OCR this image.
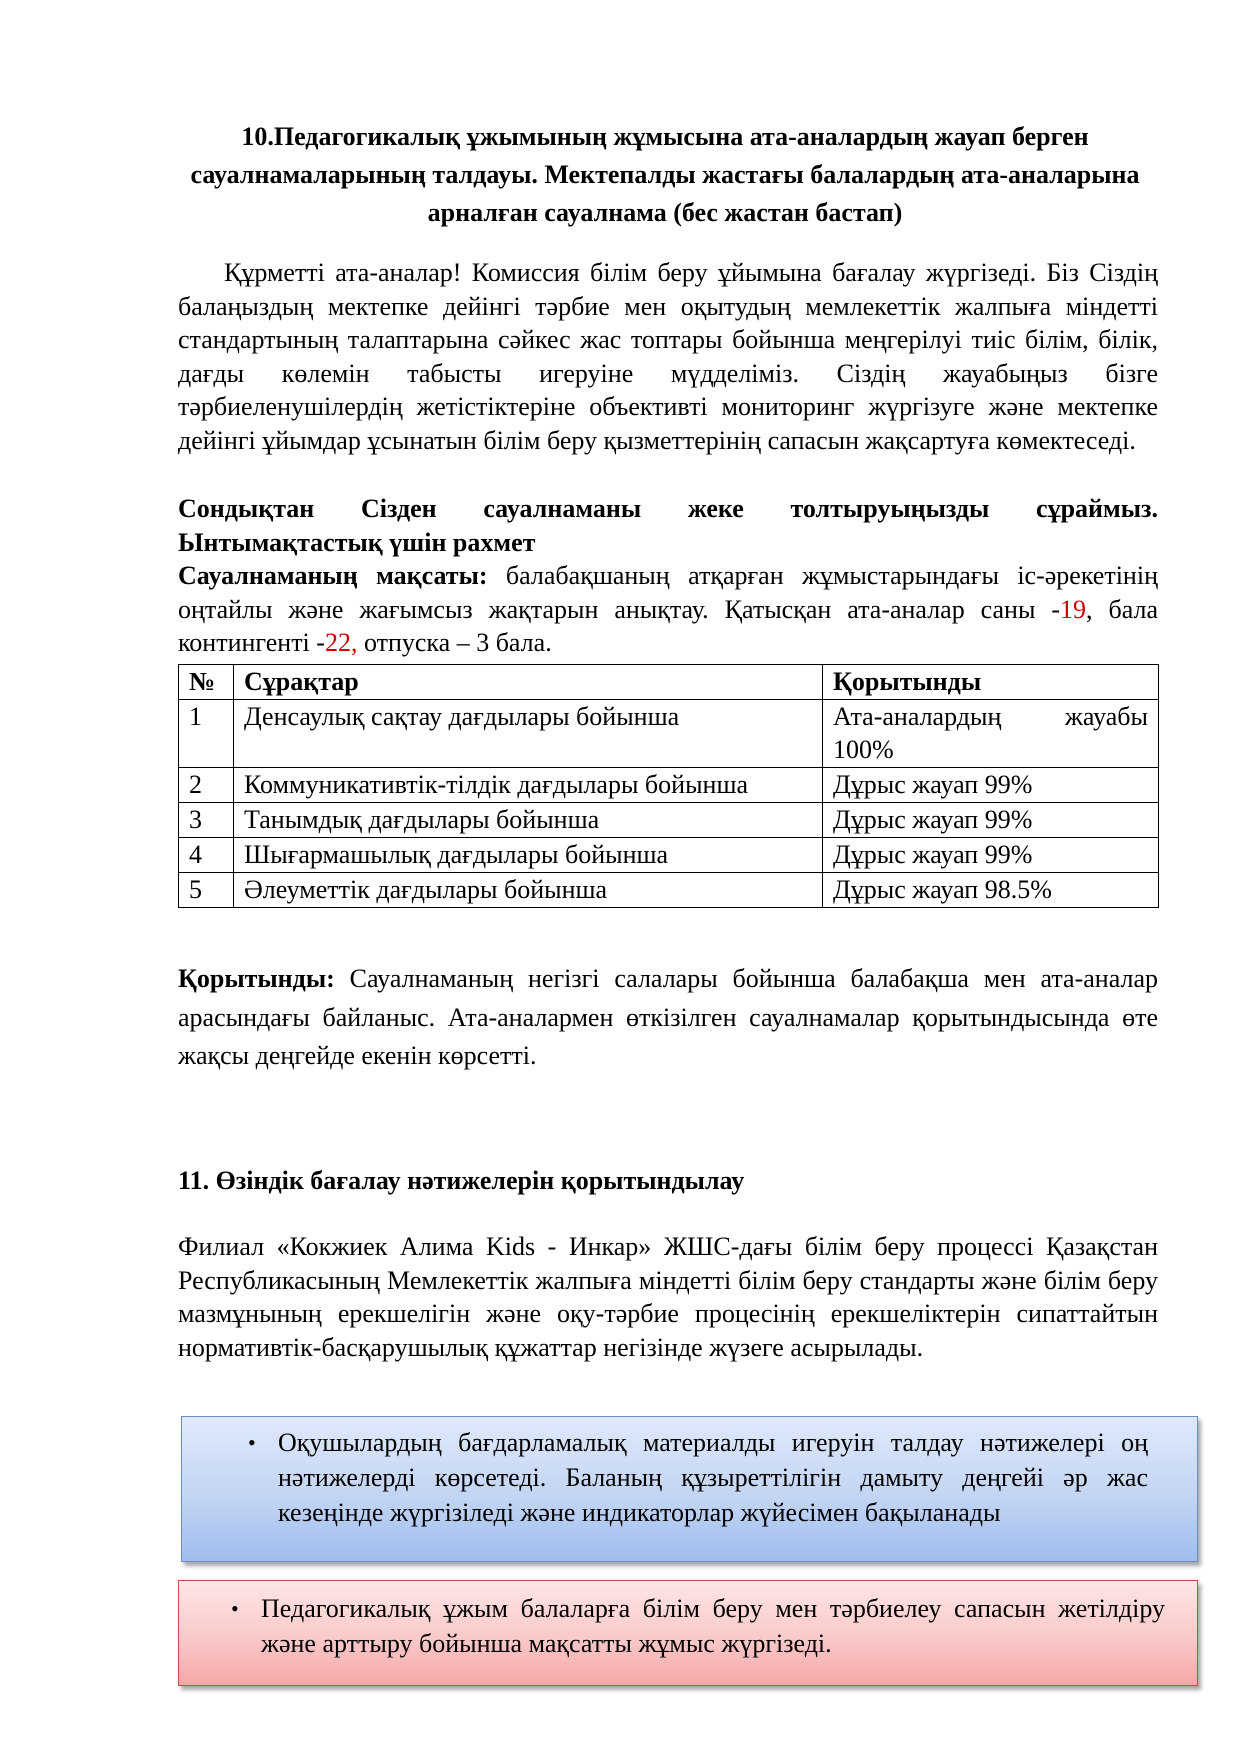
10.Педагогикалық ұжымының жұмысына ата-аналардың жауап берген сауалнамаларының талдауы. Мектепалды жастағы балалардың ата-аналарына арналған сауалнама (бес жастан бастап)
Құрметті ата-аналар! Комиссия білім беру ұйымына бағалау жүргізеді. Біз Сіздің балаңыздың мектепке дейінгі тәрбие мен оқытудың мемлекеттік жалпыға міндетті стандартының талаптарына сәйкес жас топтары бойынша меңгерілуі тиіс білім, білік, дағды көлемін табысты игеруіне мүдделіміз. Сіздің жауабыңыз бізге тәрбиеленушілердің жетістіктеріне объективті мониторинг жүргізуге және мектепке дейінгі ұйымдар ұсынатын білім беру қызметтерінің сапасын жақсартуға көмектеседі.
Сондықтан Сізден сауалнаманы жеке толтыруыңызды сұраймыз. Ынтымақтастық үшін рахмет
Сауалнаманың мақсаты: балабақшаның атқарған жұмыстарындағы іс-әрекетінің оңтайлы және жағымсыз жақтарын анықтау. Қатысқан ата-аналар саны -19, бала контингенті -22, отпуска – 3 бала.
№	Сұрақтар	Қорытынды
1	Денсаулық сақтау дағдылары бойынша	Ата-аналардың жауабы 100%
2	Коммуникативтік-тілдік дағдылары бойынша	Дұрыс жауап 99%
3	Танымдық дағдылары бойынша	Дұрыс жауап 99%
4	Шығармашылық дағдылары бойынша	Дұрыс жауап 99%
5	Әлеуметтік дағдылары бойынша	Дұрыс жауап 98.5%
Қорытынды: Сауалнаманың негізгі салалары бойынша балабақша мен ата-аналар арасындағы байланыс. Ата-аналармен өткізілген сауалнамалар қорытындысында өте жақсы деңгейде екенін көрсетті.
11. Өзіндік бағалау нәтижелерін қорытындылау
Филиал «Кокжиек Алима Kids - Инкар» ЖШС-дағы білім беру процессі Қазақстан Республикасының Мемлекеттік жалпыға міндетті білім беру стандарты және білім беру мазмұнының ерекшелігін және оқу-тәрбие процесінің ерекшеліктерін сипаттайтын нормативтік-басқарушылық құжаттар негізінде жүзеге асырылады.
• Оқушылардың бағдарламалық материалды игеруін талдау нәтижелері оң нәтижелерді көрсетеді. Баланың құзыреттілігін дамыту деңгейі әр жас кезеңінде жүргізіледі және индикаторлар жүйесімен бақыланады
• Педагогикалық ұжым балаларға білім беру мен тәрбиелеу сапасын жетілдіру және арттыру бойынша мақсатты жұмыс жүргізеді.
